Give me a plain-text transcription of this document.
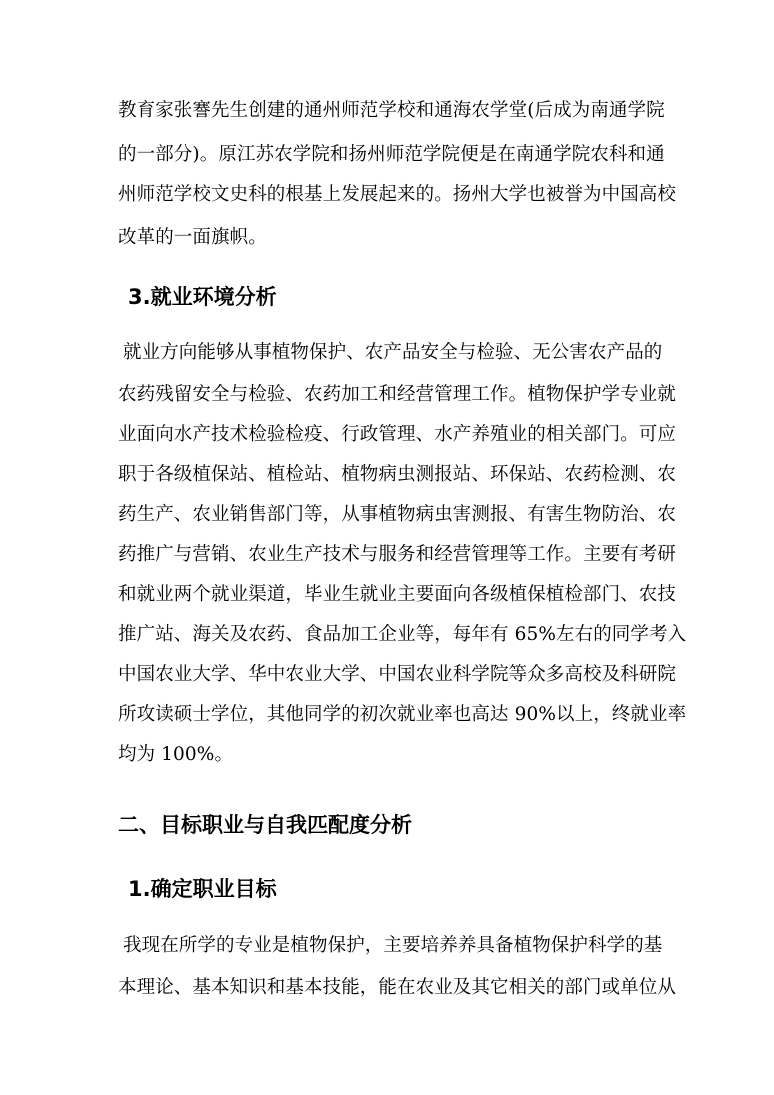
教育家张謇先生创建的通州师范学校和通海农学堂(后成为南通学院
的一部分)。原江苏农学院和扬州师范学院便是在南通学院农科和通
州师范学校文史科的根基上发展起来的。扬州大学也被誉为中国高校
改革的一面旗帜。
3.就业环境分析
就业方向能够从事植物保护、农产品安全与检验、无公害农产品的
农药残留安全与检验、农药加工和经营管理工作。植物保护学专业就
业面向水产技术检验检疫、行政管理、水产养殖业的相关部门。可应
职于各级植保站、植检站、植物病虫测报站、环保站、农药检测、农
药生产、农业销售部门等，从事植物病虫害测报、有害生物防治、农
药推广与营销、农业生产技术与服务和经营管理等工作。主要有考研
和就业两个就业渠道，毕业生就业主要面向各级植保植检部门、农技
推广站、海关及农药、食品加工企业等，每年有 65%左右的同学考入
中国农业大学、华中农业大学、中国农业科学院等众多高校及科研院
所攻读硕士学位，其他同学的初次就业率也高达 90%以上，终就业率
均为 100%。
二、目标职业与自我匹配度分析
1.确定职业目标
我现在所学的专业是植物保护，主要培养养具备植物保护科学的基
本理论、基本知识和基本技能，能在农业及其它相关的部门或单位从
